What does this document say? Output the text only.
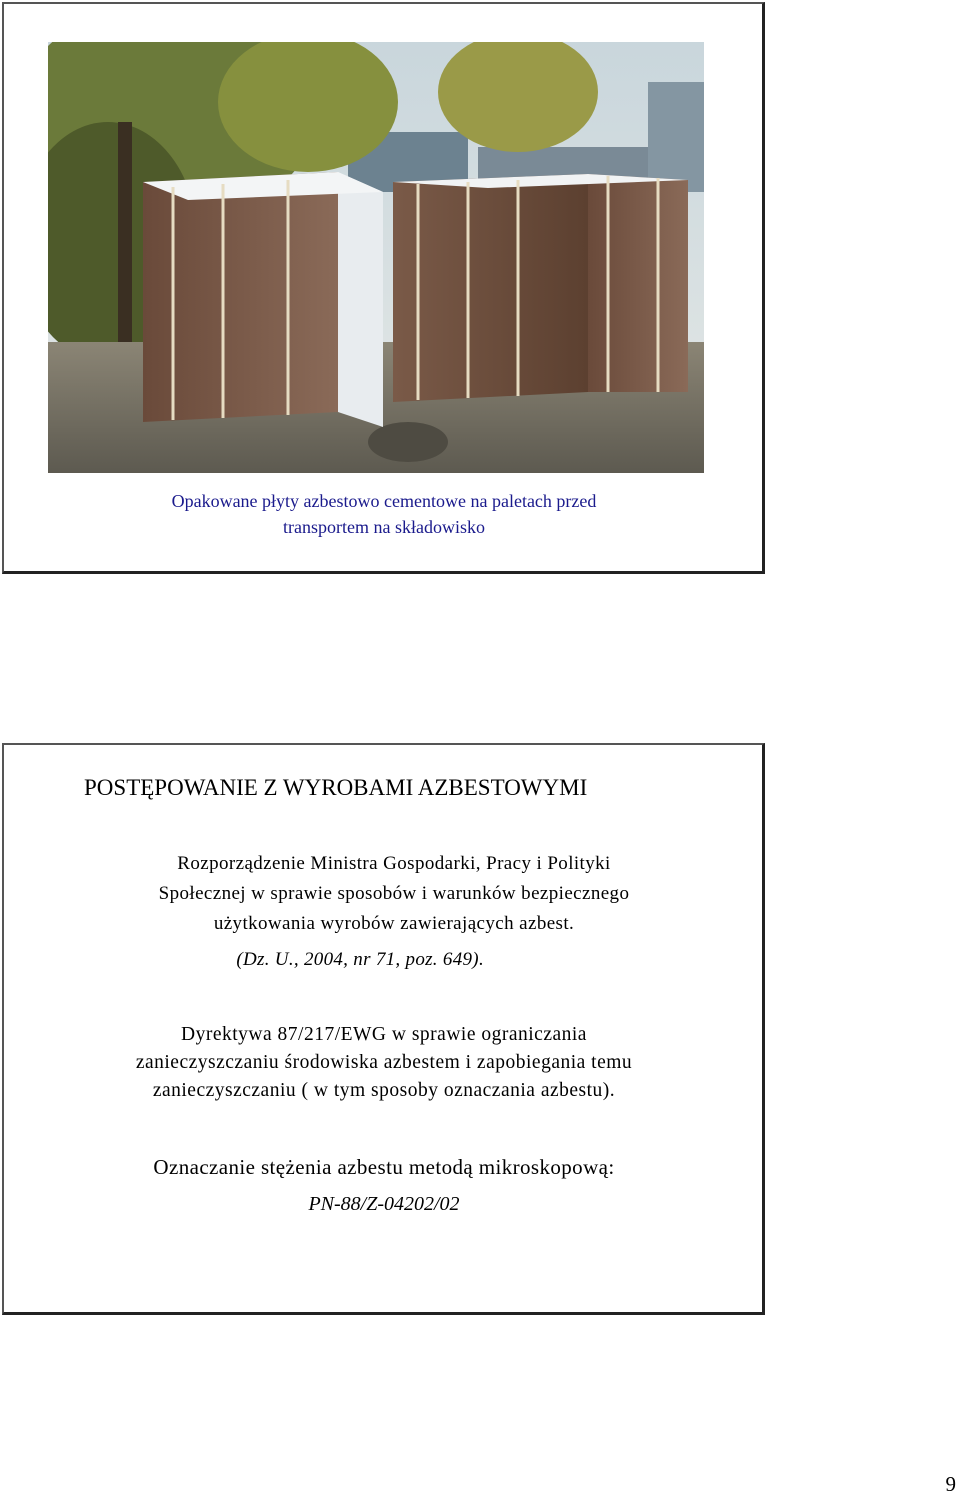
Opakowane płyty azbestowo cementowe na paletach przed
transportem na składowisko
POSTĘPOWANIE Z WYROBAMI AZBESTOWYMI
Rozporządzenie Ministra Gospodarki, Pracy i Polityki
Społecznej w sprawie sposobów i warunków bezpiecznego
użytkowania wyrobów zawierających azbest.
(Dz. U., 2004, nr 71, poz. 649).
Dyrektywa 87/217/EWG w sprawie ograniczania
zanieczyszczaniu środowiska azbestem i zapobiegania temu
zanieczyszczaniu ( w tym sposoby oznaczania azbestu).
Oznaczanie stężenia azbestu metodą mikroskopową:
PN-88/Z-04202/02
9
